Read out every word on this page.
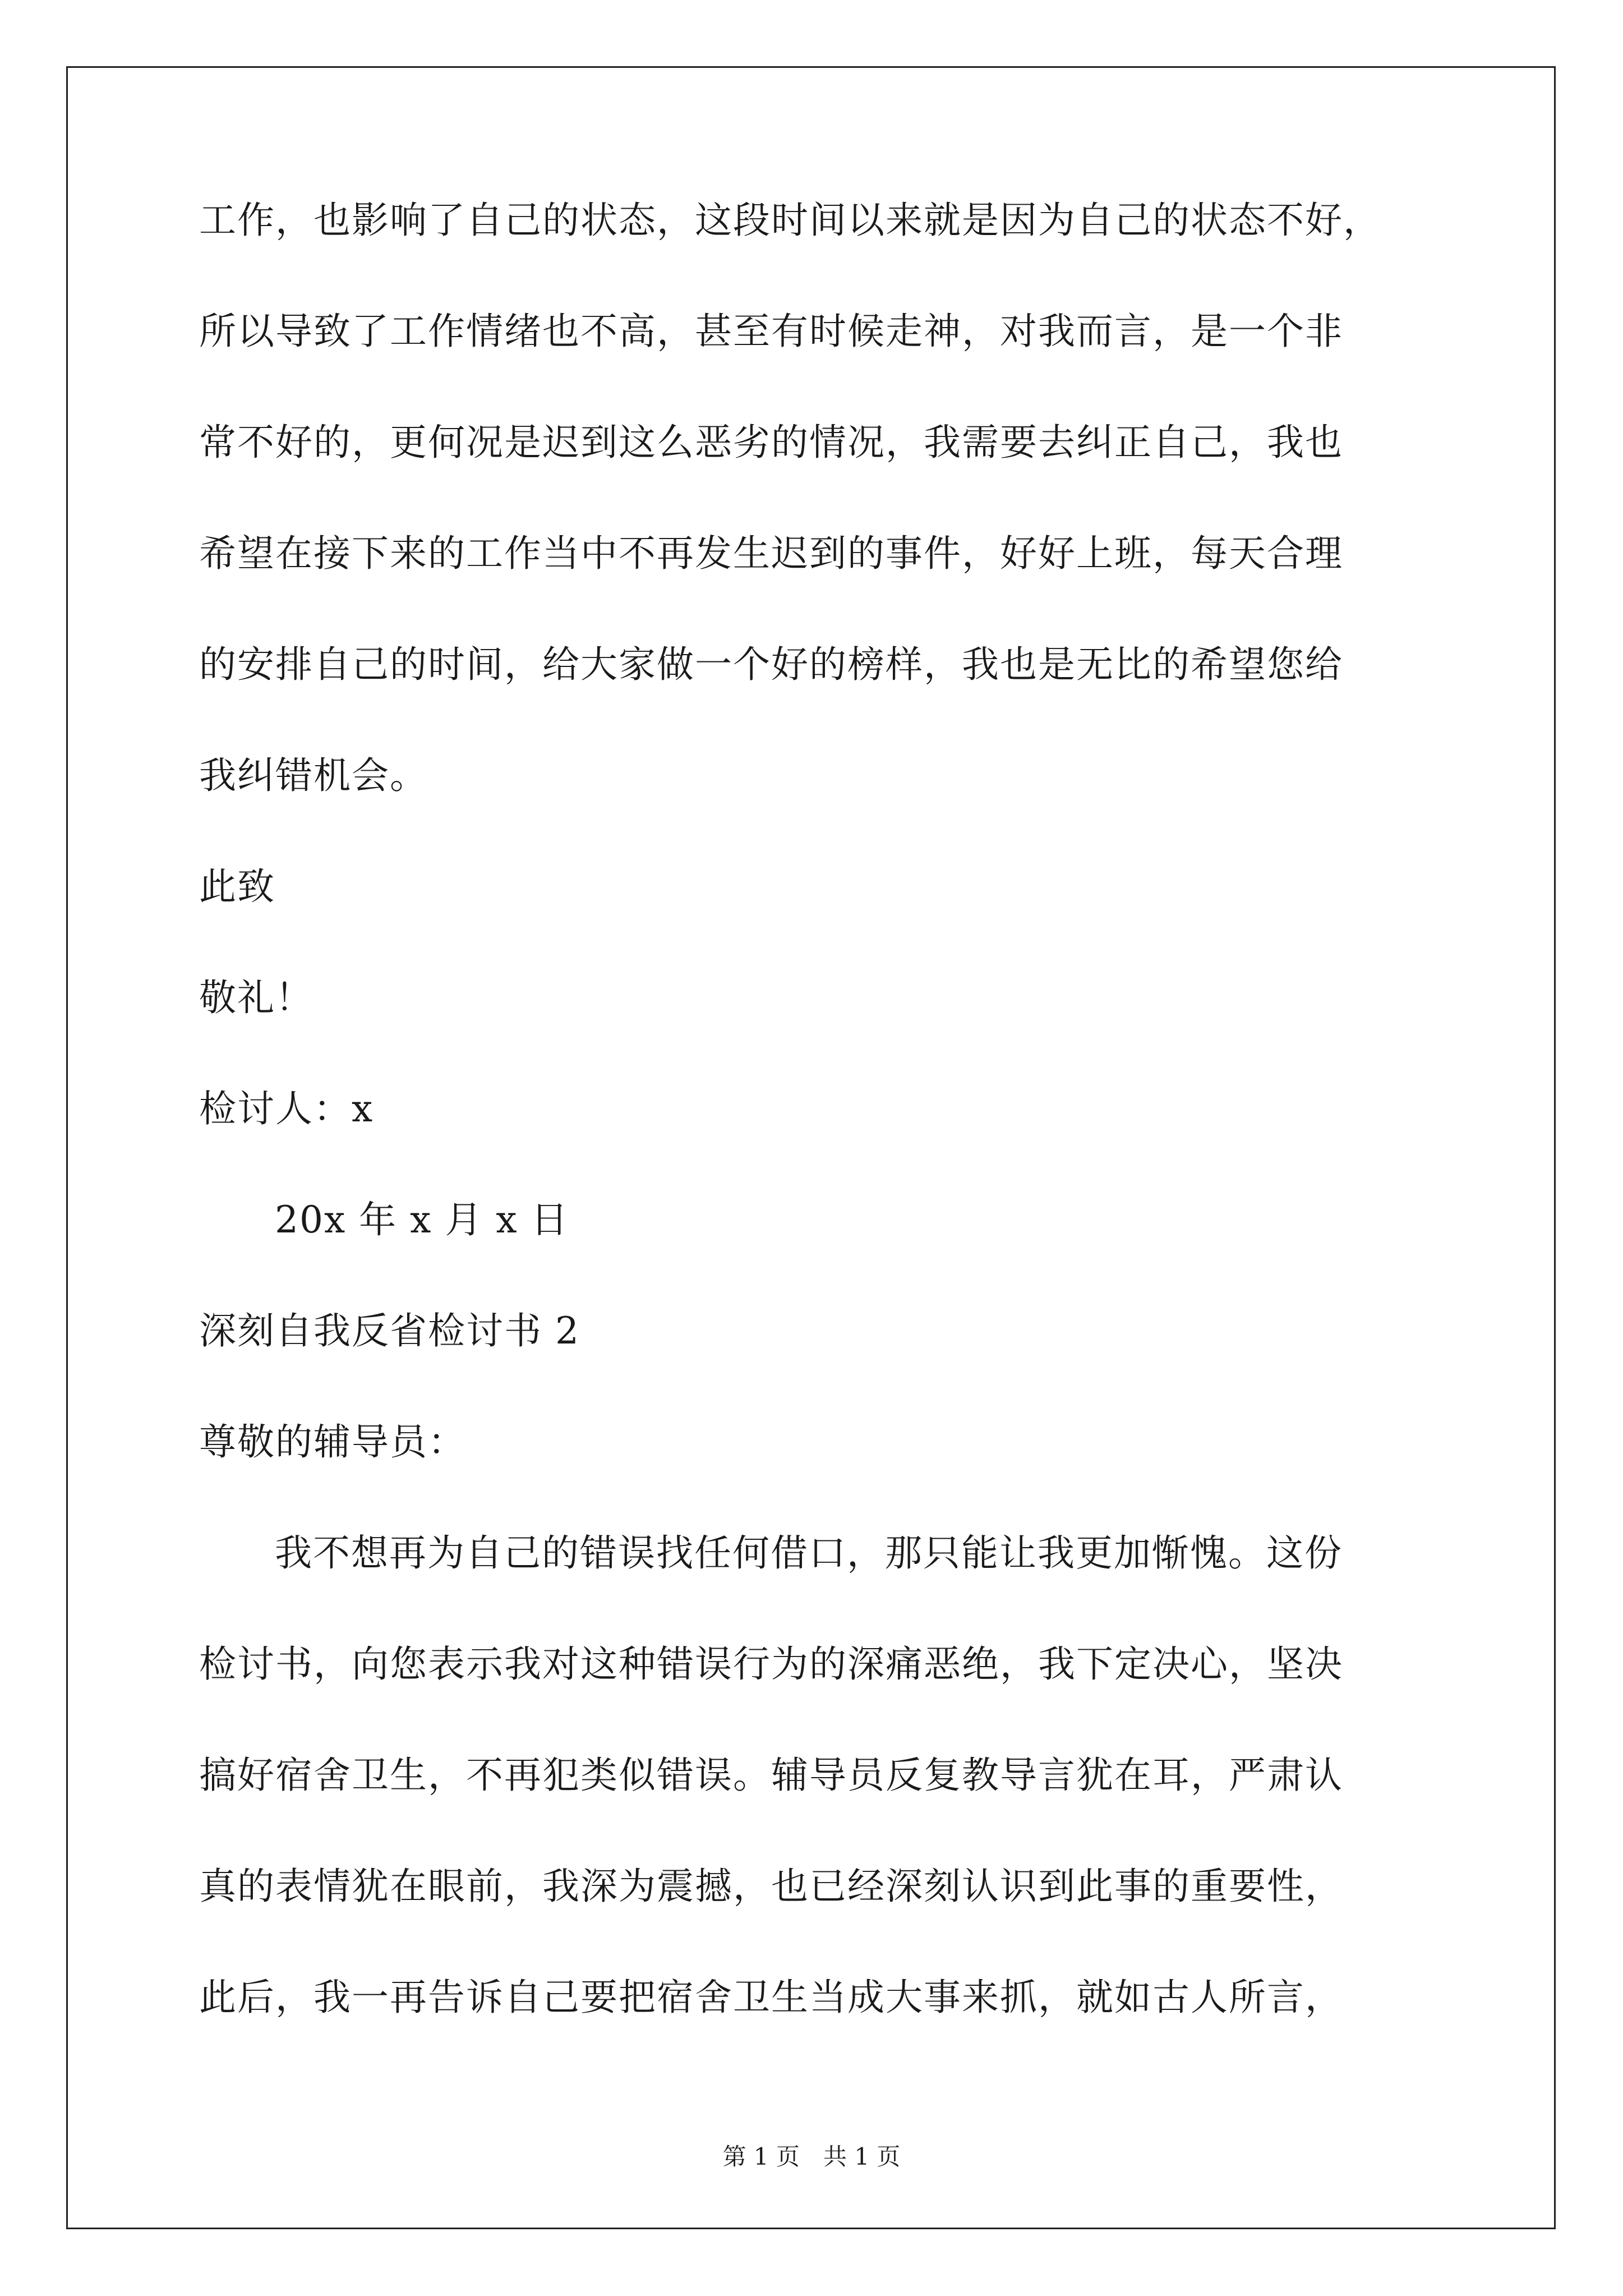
工作，也影响了自己的状态，这段时间以来就是因为自己的状态不好，
所以导致了工作情绪也不高，甚至有时候走神，对我而言，是一个非
常不好的，更何况是迟到这么恶劣的情况，我需要去纠正自己，我也
希望在接下来的工作当中不再发生迟到的事件，好好上班，每天合理
的安排自己的时间，给大家做一个好的榜样，我也是无比的希望您给
我纠错机会。
此致
敬礼！
检讨人：x
20x 年 x 月 x 日
深刻自我反省检讨书 2
尊敬的辅导员：
我不想再为自己的错误找任何借口，那只能让我更加惭愧。这份
检讨书，向您表示我对这种错误行为的深痛恶绝，我下定决心，坚决
搞好宿舍卫生，不再犯类似错误。辅导员反复教导言犹在耳，严肃认
真的表情犹在眼前，我深为震撼，也已经深刻认识到此事的重要性，
此后，我一再告诉自己要把宿舍卫生当成大事来抓，就如古人所言，
第 1 页　共 1 页
